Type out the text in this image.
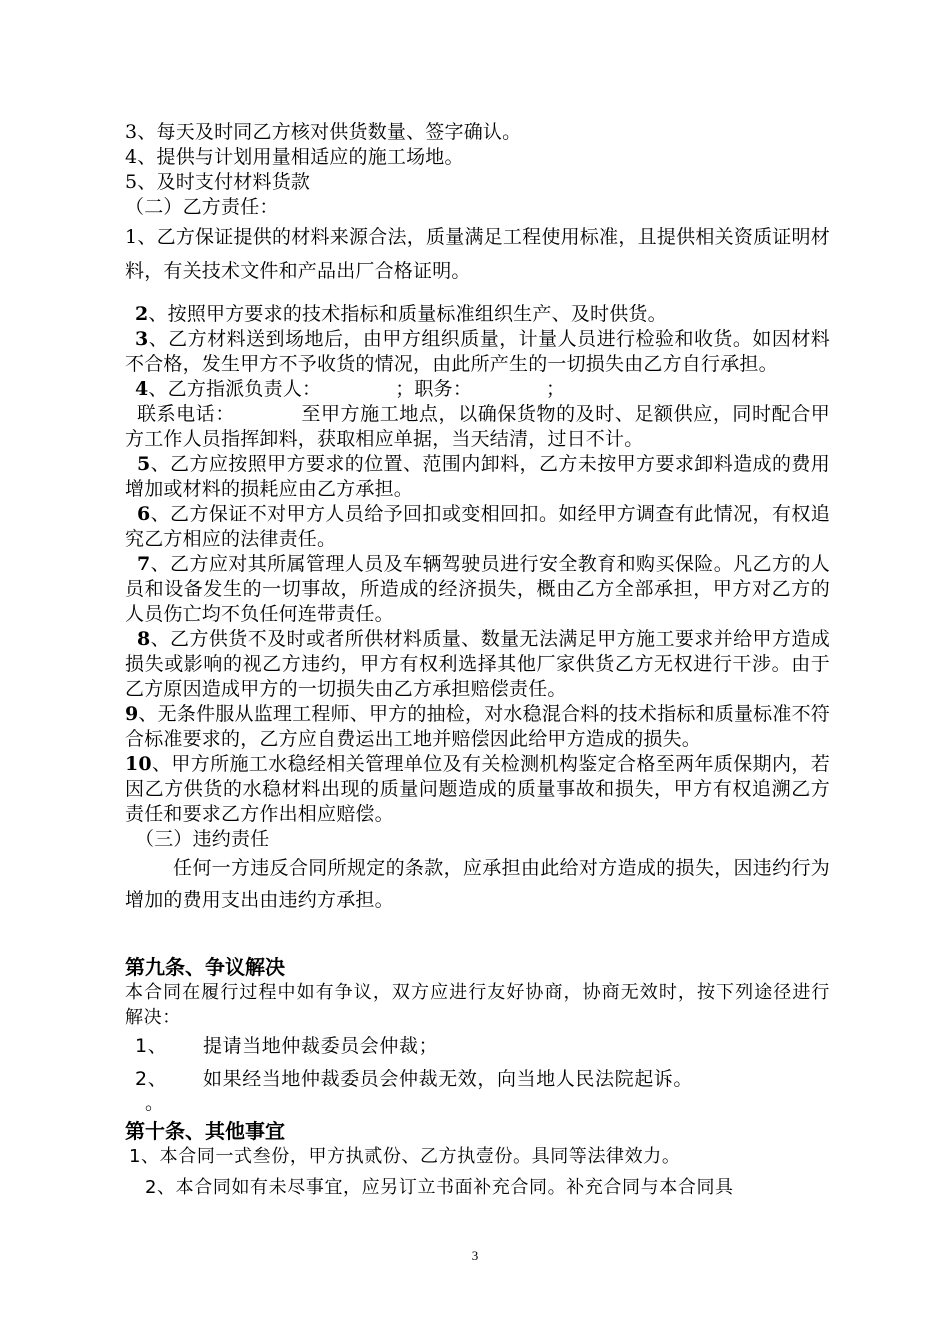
3、每天及时同乙方核对供货数量、签字确认。
4、提供与计划用量相适应的施工场地。
5、及时支付材料货款
（二）乙方责任：
1、乙方保证提供的材料来源合法，质量满足工程使用标准，且提供相关资质证明材料，有关技术文件和产品出厂合格证明。
2、按照甲方要求的技术指标和质量标准组织生产、及时供货。
3、乙方材料送到场地后，由甲方组织质量，计量人员进行检验和收货。如因材料不合格，发生甲方不予收货的情况，由此所产生的一切损失由乙方自行承担。
4、乙方指派负责人：	；职务：	；
联系电话：	至甲方施工地点，以确保货物的及时、足额供应，同时配合甲方工作人员指挥卸料，获取相应单据，当天结清，过日不计。
5、乙方应按照甲方要求的位置、范围内卸料，乙方未按甲方要求卸料造成的费用增加或材料的损耗应由乙方承担。
6、乙方保证不对甲方人员给予回扣或变相回扣。如经甲方调查有此情况，有权追究乙方相应的法律责任。
7、乙方应对其所属管理人员及车辆驾驶员进行安全教育和购买保险。凡乙方的人员和设备发生的一切事故，所造成的经济损失，概由乙方全部承担，甲方对乙方的人员伤亡均不负任何连带责任。
8、乙方供货不及时或者所供材料质量、数量无法满足甲方施工要求并给甲方造成损失或影响的视乙方违约，甲方有权利选择其他厂家供货乙方无权进行干涉。由于乙方原因造成甲方的一切损失由乙方承担赔偿责任。
9、无条件服从监理工程师、甲方的抽检，对水稳混合料的技术指标和质量标准不符合标准要求的，乙方应自费运出工地并赔偿因此给甲方造成的损失。
10、甲方所施工水稳经相关管理单位及有关检测机构鉴定合格至两年质保期内，若因乙方供货的水稳材料出现的质量问题造成的质量事故和损失，甲方有权追溯乙方责任和要求乙方作出相应赔偿。
（三）违约责任
任何一方违反合同所规定的条款，应承担由此给对方造成的损失，因违约行为增加的费用支出由违约方承担。
第九条、争议解决
本合同在履行过程中如有争议，双方应进行友好协商，协商无效时，按下列途径进行解决：
1、	提请当地仲裁委员会仲裁；
2、	如果经当地仲裁委员会仲裁无效，向当地人民法院起诉。
。
第十条、其他事宜
1、本合同一式叁份，甲方执贰份、乙方执壹份。具同等法律效力。
2、本合同如有未尽事宜，应另订立书面补充合同。补充合同与本合同具
3
